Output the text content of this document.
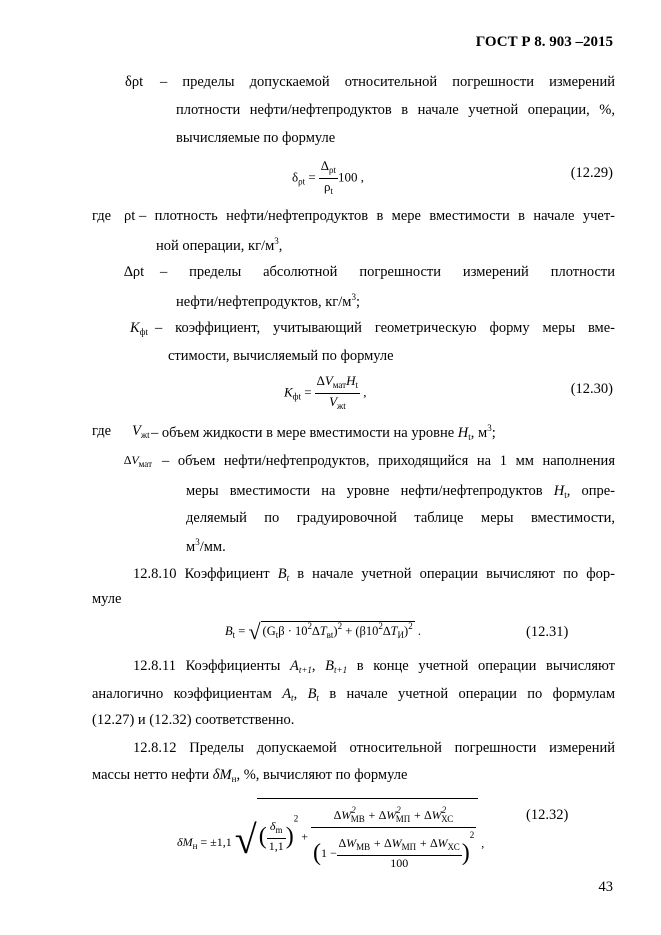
ГОСТ Р 8. 903 –2015
δρt – пределы допускаемой относительной погрешности измерений
плотности нефти/нефтепродуктов в начале учетной операции, %,
вычисляемые по формуле
$\delta_{\rho t} = \frac{\Delta_{\rho t}}{\rho_t} 100$ ,	(12.29)
где ρt – плотность нефти/нефтепродуктов в мере вместимости в начале учет-
ной операции, $кг/м^3$,
∆ρt – пределы абсолютной погрешности измерений плотности
нефти/нефтепродуктов, $кг/м^3$;
$K_{фt}$ – коэффициент, учитывающий геометрическую форму меры вме-
стимости, вычисляемый по формуле
$K_{фt} = \frac{\Delta V_{мат}H_t}{V_{жt}}$ ,	(12.30)
где $V_{жt}$ – объем жидкости в мере вместимости на уровне $H_t$, $м^3$;
$\Delta V_{мат}$ – объем нефти/нефтепродуктов, приходящийся на 1 мм наполнения
меры вместимости на уровне нефти/нефтепродуктов $H_t$, опре-
деляемый по градуировочной таблице меры вместимости,
$м^3/мм$.
12.8.10 Коэффициент $B_t$ в начале учетной операции вычисляют по фор-
муле
$B_t$ = √ $(G_t\beta \cdot 10^2\Delta T_{вt})^2 + (\beta 10^2\Delta T_И)^2$ .	(12.31)
12.8.11 Коэффициенты $A_{t+1}$, $B_{t+1}$ в конце учетной операции вычисляют
аналогично коэффициентам $A_t$, $B_t$ в начале учетной операции по формулам
(12.27) и (12.32) соответственно.
12.8.12 Пределы допускаемой относительной погрешности измерений
массы нетто нефти $\delta M_н$, %, вычисляют по формуле
$\delta M_н = \pm 1,1$ √( $\frac{\delta_m}{1,1} )^2 + \frac{\Delta W^2_{МВ} + \Delta W^2_{МП} + \Delta W^2_{ХС}}{(1 - \frac{\Delta W_{МВ} + \Delta W_{МП} + \Delta W_{ХС}}{100} )^2}$ ,
(12.32)
43
